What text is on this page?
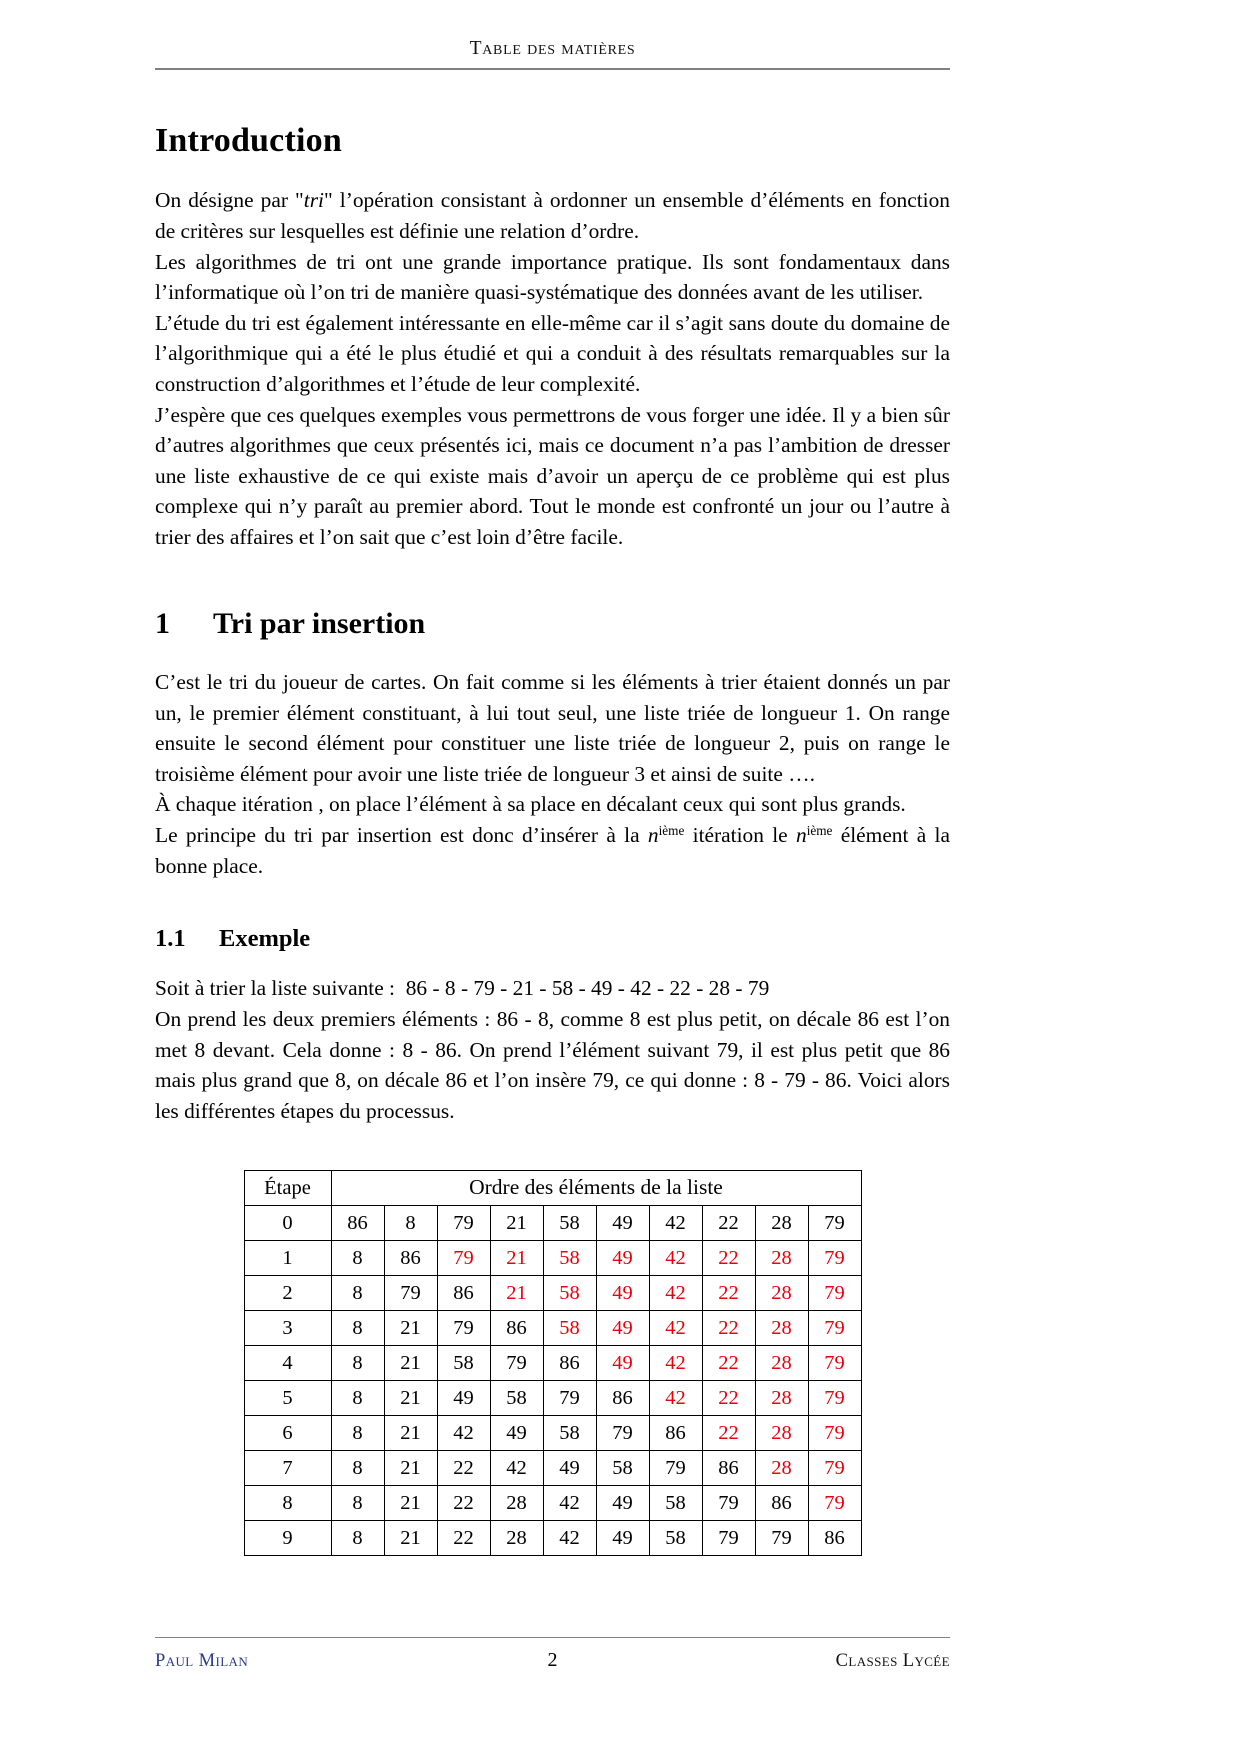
Table des matières
Introduction

On désigne par "tri" l’opération consistant à ordonner un ensemble d’éléments en fonction de critères sur lesquelles est définie une relation d’ordre.

Les algorithmes de tri ont une grande importance pratique. Ils sont fondamentaux dans l’informatique où l’on tri de manière quasi-systématique des données avant de les utiliser.

L’étude du tri est également intéressante en elle-même car il s’agit sans doute du domaine de l’algorithmique qui a été le plus étudié et qui a conduit à des résultats remarquables sur la construction d’algorithmes et l’étude de leur complexité.

J’espère que ces quelques exemples vous permettrons de vous forger une idée. Il y a bien sûr d’autres algorithmes que ceux présentés ici, mais ce document n’a pas l’ambition de dresser une liste exhaustive de ce qui existe mais d’avoir un aperçu de ce problème qui est plus complexe qui n’y paraît au premier abord. Tout le monde est confronté un jour ou l’autre à trier des affaires et l’on sait que c’est loin d’être facile.

1	Tri par insertion

C’est le tri du joueur de cartes. On fait comme si les éléments à trier étaient donnés un par un, le premier élément constituant, à lui tout seul, une liste triée de longueur 1. On range ensuite le second élément pour constituer une liste triée de longueur 2, puis on range le troisième élément pour avoir une liste triée de longueur 3 et ainsi de suite ….

À chaque itération , on place l’élément à sa place en décalant ceux qui sont plus grands.

Le principe du tri par insertion est donc d’insérer à la $n^{ième}$ itération le $n^{ième}$ élément à la bonne place.

1.1	Exemple

Soit à trier la liste suivante : 86 - 8 - 79 - 21 - 58 - 49 - 42 - 22 - 28 - 79

On prend les deux premiers éléments : 86 - 8, comme 8 est plus petit, on décale 86 est l’on met 8 devant. Cela donne : 8 - 86. On prend l’élément suivant 79, il est plus petit que 86 mais plus grand que 8, on décale 86 et l’on insère 79, ce qui donne : 8 - 79 - 86. Voici alors les différentes étapes du processus.

Étape	Ordre des éléments de la liste									
0	86	8	79	21	58	49	42	22	28	79
1	8	86	79	21	58	49	42	22	28	79
2	8	79	86	21	58	49	42	22	28	79
3	8	21	79	86	58	49	42	22	28	79
4	8	21	58	79	86	49	42	22	28	79
5	8	21	49	58	79	86	42	22	28	79
6	8	21	42	49	58	79	86	22	28	79
7	8	21	22	42	49	58	79	86	28	79
8	8	21	22	28	42	49	58	79	86	79
9	8	21	22	28	42	49	58	79	79	86
Paul Milan	2	Classes Lycée
